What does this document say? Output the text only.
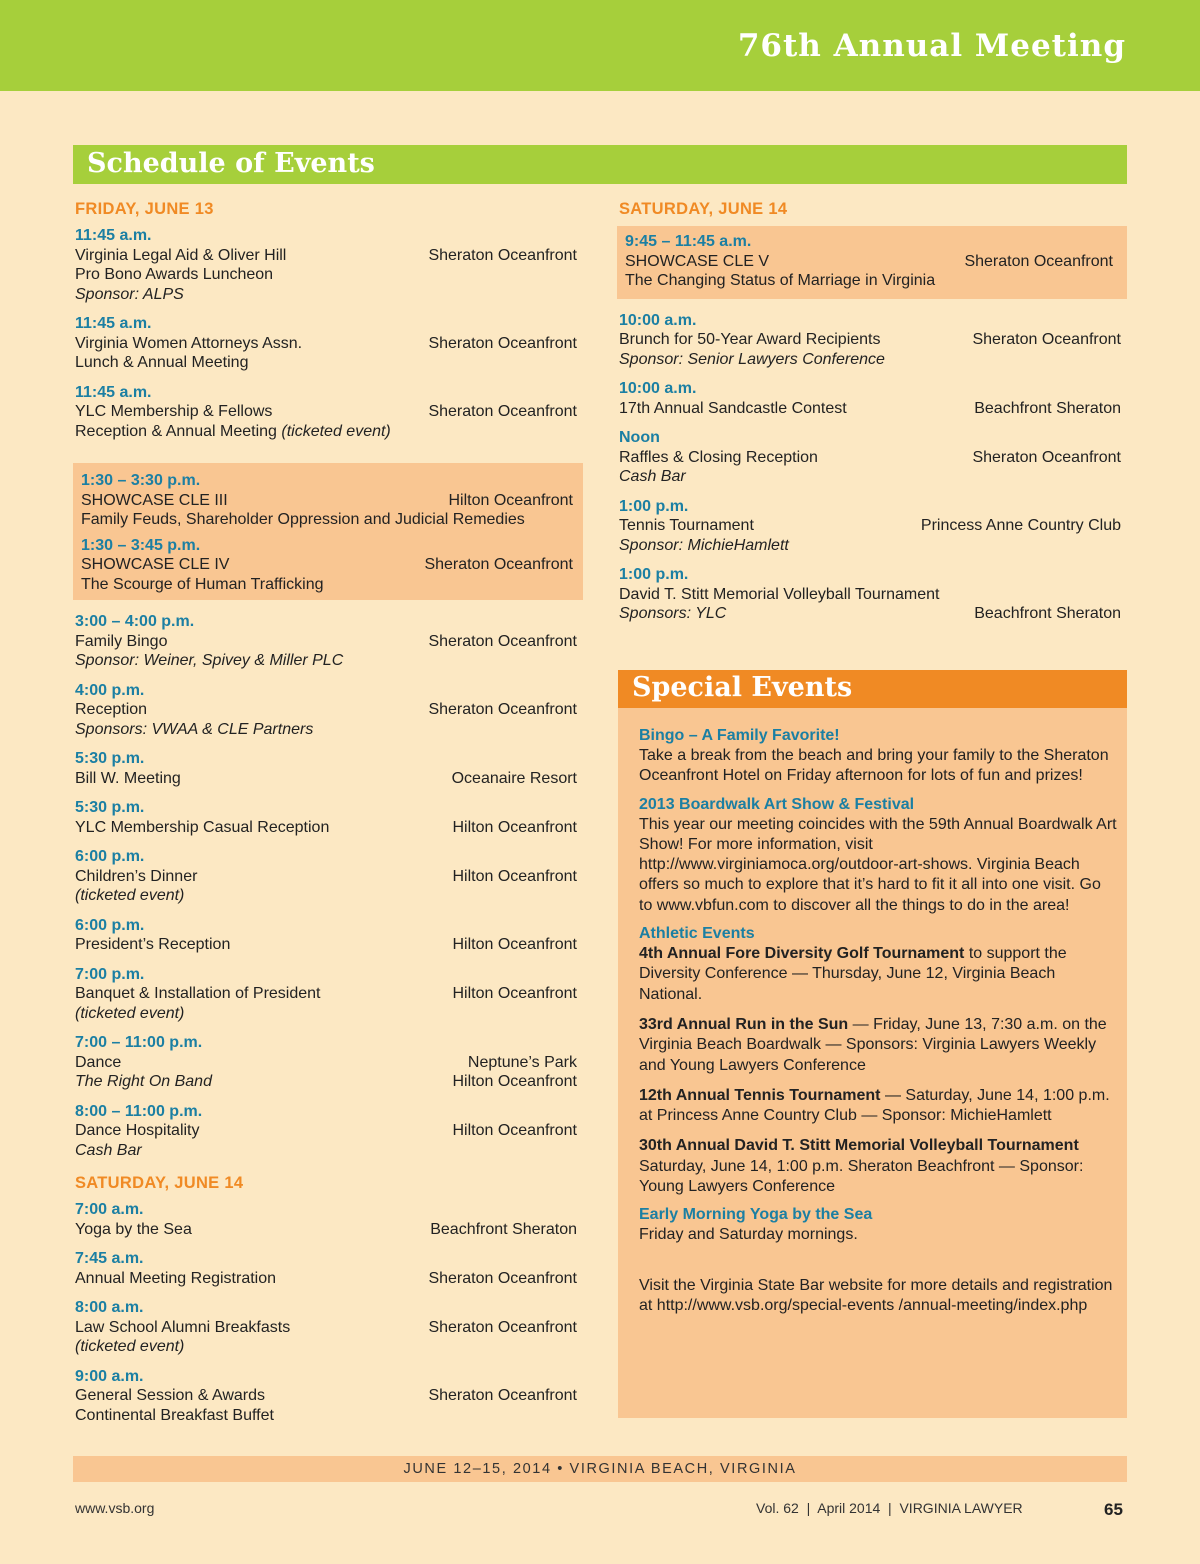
76th Annual Meeting
Schedule of Events
FRIDAY, JUNE 13
11:45 a.m.
Virginia Legal Aid & Oliver Hill	Sheraton Oceanfront
Pro Bono Awards Luncheon
Sponsor: ALPS
11:45 a.m.
Virginia Women Attorneys Assn.	Sheraton Oceanfront
Lunch & Annual Meeting
11:45 a.m.
YLC Membership & Fellows	Sheraton Oceanfront
Reception & Annual Meeting (ticketed event)
1:30 – 3:30 p.m.
SHOWCASE CLE III	Hilton Oceanfront
Family Feuds, Shareholder Oppression and Judicial Remedies
1:30 – 3:45 p.m.
SHOWCASE CLE IV	Sheraton Oceanfront
The Scourge of Human Trafficking
3:00 – 4:00 p.m.
Family Bingo	Sheraton Oceanfront
Sponsor: Weiner, Spivey & Miller PLC
4:00 p.m.
Reception	Sheraton Oceanfront
Sponsors: VWAA & CLE Partners
5:30 p.m.
Bill W. Meeting	Oceanaire Resort
5:30 p.m.
YLC Membership Casual Reception	Hilton Oceanfront
6:00 p.m.
Children’s Dinner	Hilton Oceanfront
(ticketed event)
6:00 p.m.
President’s Reception	Hilton Oceanfront
7:00 p.m.
Banquet & Installation of President	Hilton Oceanfront
(ticketed event)
7:00 – 11:00 p.m.
Dance	Neptune’s Park
The Right On Band	Hilton Oceanfront
8:00 – 11:00 p.m.
Dance Hospitality	Hilton Oceanfront
Cash Bar
SATURDAY, JUNE 14
7:00 a.m.
Yoga by the Sea	Beachfront Sheraton
7:45 a.m.
Annual Meeting Registration	Sheraton Oceanfront
8:00 a.m.
Law School Alumni Breakfasts	Sheraton Oceanfront
(ticketed event)
9:00 a.m.
General Session & Awards	Sheraton Oceanfront
Continental Breakfast Buffet
SATURDAY, JUNE 14
9:45 – 11:45 a.m.
SHOWCASE CLE V	Sheraton Oceanfront
The Changing Status of Marriage in Virginia
10:00 a.m.
Brunch for 50-Year Award Recipients	Sheraton Oceanfront
Sponsor: Senior Lawyers Conference
10:00 a.m.
17th Annual Sandcastle Contest	Beachfront Sheraton
Noon
Raffles & Closing Reception	Sheraton Oceanfront
Cash Bar
1:00 p.m.
Tennis Tournament	Princess Anne Country Club
Sponsor: MichieHamlett
1:00 p.m.
David T. Stitt Memorial Volleyball Tournament
Sponsors: YLC	Beachfront Sheraton
Special Events
Bingo – A Family Favorite!
Take a break from the beach and bring your family to the Sheraton Oceanfront Hotel on Friday afternoon for lots of fun and prizes!
2013 Boardwalk Art Show & Festival
This year our meeting coincides with the 59th Annual Boardwalk Art Show! For more information, visit http://www.virginiamoca.org/outdoor-art-shows. Virginia Beach offers so much to explore that it’s hard to fit it all into one visit. Go to www.vbfun.com to discover all the things to do in the area!
Athletic Events
4th Annual Fore Diversity Golf Tournament to support the Diversity Conference — Thursday, June 12, Virginia Beach National.
33rd Annual Run in the Sun — Friday, June 13, 7:30 a.m. on the Virginia Beach Boardwalk — Sponsors: Virginia Lawyers Weekly and Young Lawyers Conference
12th Annual Tennis Tournament — Saturday, June 14, 1:00 p.m. at Princess Anne Country Club — Sponsor: MichieHamlett
30th Annual David T. Stitt Memorial Volleyball Tournament Saturday, June 14, 1:00 p.m. Sheraton Beachfront — Sponsor: Young Lawyers Conference
Early Morning Yoga by the Sea
Friday and Saturday mornings.
Visit the Virginia State Bar website for more details and registration at http://www.vsb.org/special-events /annual-meeting/index.php
JUNE 12–15, 2014 • VIRGINIA BEACH, VIRGINIA
www.vsb.org	Vol. 62  |  April 2014  |  VIRGINIA LAWYER	65
